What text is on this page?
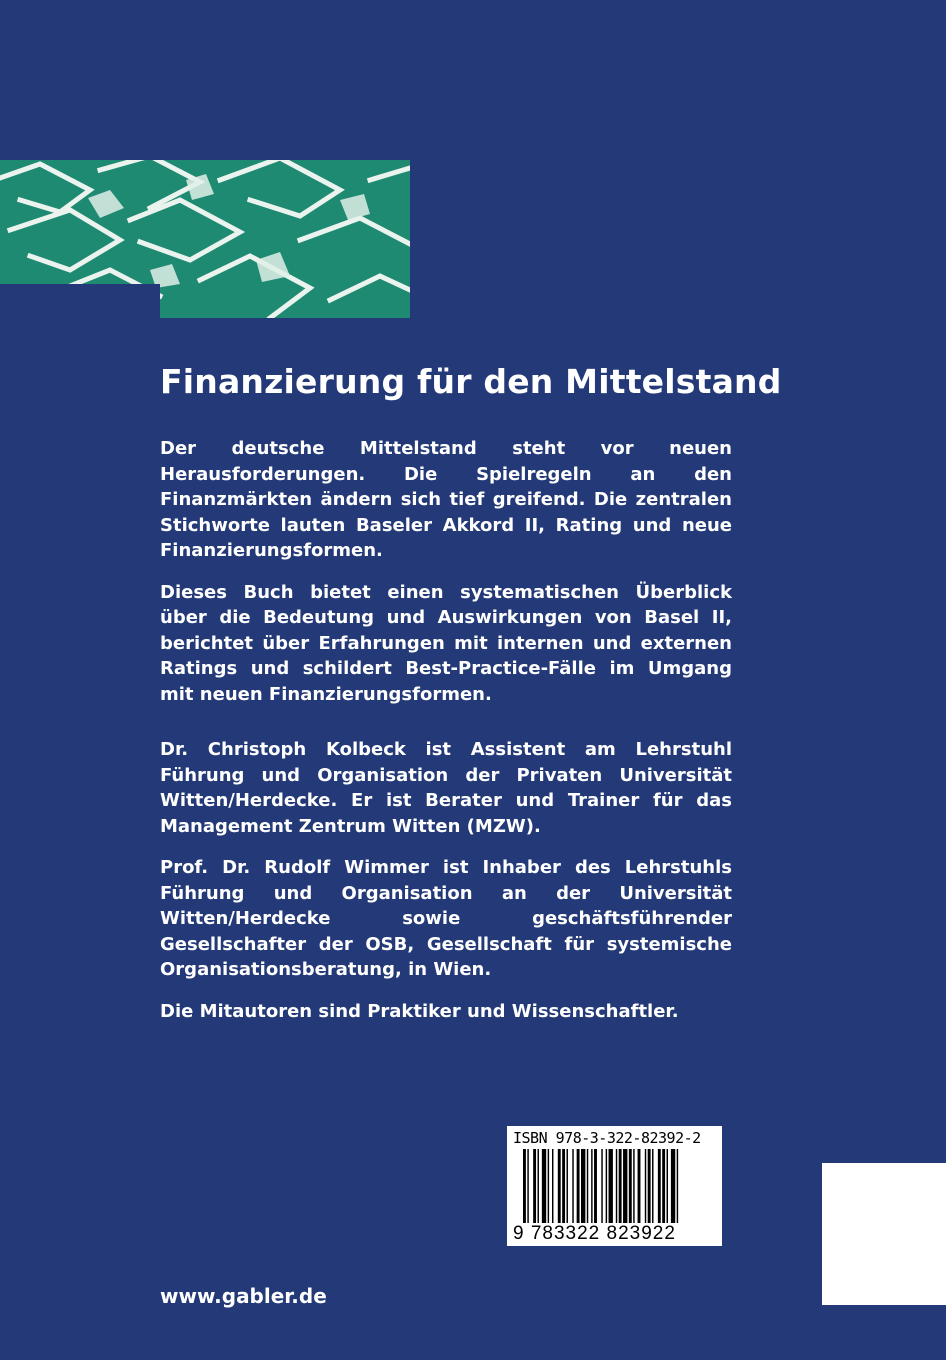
Finanzierung für den Mittelstand

Der deutsche Mittelstand steht vor neuen Herausforderungen. Die Spielregeln an den Finanzmärkten ändern sich tief greifend. Die zentralen Stichworte lauten Baseler Akkord II, Rating und neue Finanzierungsformen.

Dieses Buch bietet einen systematischen Überblick über die Bedeutung und Auswirkungen von Basel II, berichtet über Erfahrungen mit internen und externen Ratings und schildert Best-Practice-Fälle im Umgang mit neuen Finanzierungsformen.

Dr. Christoph Kolbeck ist Assistent am Lehrstuhl Führung und Organisation der Privaten Universität Witten/Herdecke. Er ist Berater und Trainer für das Management Zentrum Witten (MZW).

Prof. Dr. Rudolf Wimmer ist Inhaber des Lehrstuhls Führung und Organisation an der Universität Witten/Herdecke sowie geschäftsführender Gesellschafter der OSB, Gesellschaft für systemische Organisationsberatung, in Wien.

Die Mitautoren sind Praktiker und Wissenschaftler.

ISBN 978-3-322-82392-2
9 783322 823922
www.gabler.de
